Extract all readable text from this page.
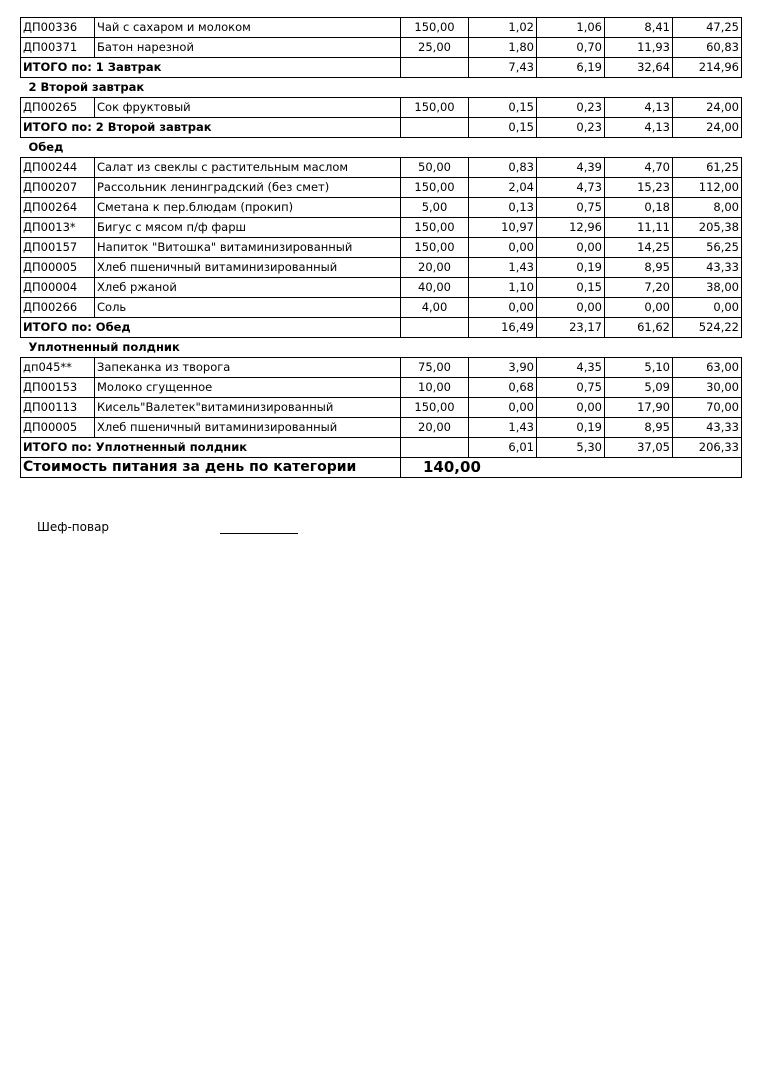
ДП00336	Чай с сахаром и молоком	150,00	1,02	1,06	8,41	47,25
ДП00371	Батон нарезной	25,00	1,80	0,70	11,93	60,83
ИТОГО по: 1 Завтрак			7,43	6,19	32,64	214,96
2 Второй завтрак						
ДП00265	Сок фруктовый	150,00	0,15	0,23	4,13	24,00
ИТОГО по: 2 Второй завтрак			0,15	0,23	4,13	24,00
Обед						
ДП00244	Салат из свеклы с растительным маслом	50,00	0,83	4,39	4,70	61,25
ДП00207	Рассольник ленинградский (без смет)	150,00	2,04	4,73	15,23	112,00
ДП00264	Сметана к пер.блюдам (прокип)	5,00	0,13	0,75	0,18	8,00
ДП0013*	Бигус с мясом п/ф фарш	150,00	10,97	12,96	11,11	205,38
ДП00157	Напиток "Витошка" витаминизированный	150,00	0,00	0,00	14,25	56,25
ДП00005	Хлеб пшеничный витаминизированный	20,00	1,43	0,19	8,95	43,33
ДП00004	Хлеб ржаной	40,00	1,10	0,15	7,20	38,00
ДП00266	Соль	4,00	0,00	0,00	0,00	0,00
ИТОГО по: Обед			16,49	23,17	61,62	524,22
Уплотненный полдник						
дп045**	Запеканка из творога	75,00	3,90	4,35	5,10	63,00
ДП00153	Молоко сгущенное	10,00	0,68	0,75	5,09	30,00
ДП00113	Кисель"Валетек"витаминизированный	150,00	0,00	0,00	17,90	70,00
ДП00005	Хлеб пшеничный витаминизированный	20,00	1,43	0,19	8,95	43,33
ИТОГО по: Уплотненный полдник			6,01	5,30	37,05	206,33
Стоимость питания за день по категории		140,00				
Шеф-повар
